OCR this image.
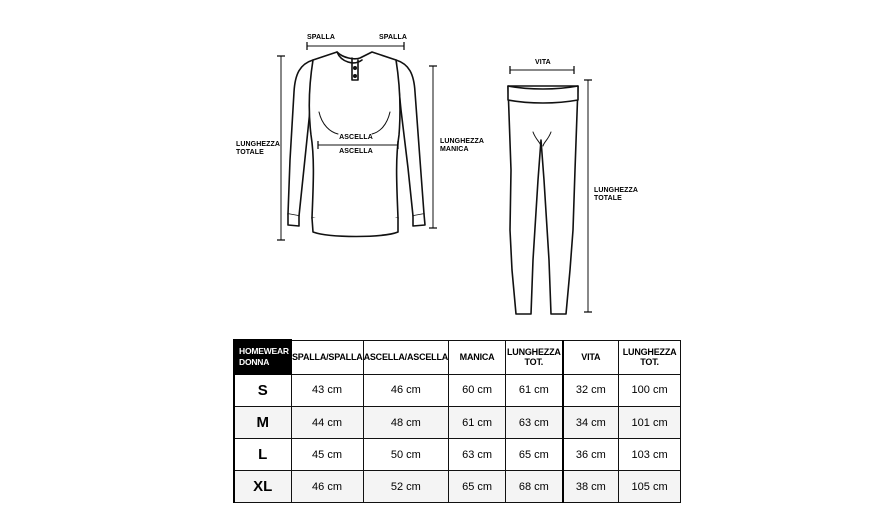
SPALLA	SPALLA
ASCELLA
ASCELLA
LUNGHEZZA
TOTALE
LUNGHEZZA
MANICA
VITA
LUNGHEZZA
TOTALE
HOMEWEAR
DONNA	SPALLA/SPALLA	ASCELLA/ASCELLA	MANICA	LUNGHEZZA TOT.	VITA	LUNGHEZZA TOT.
S	43 cm	46 cm	60 cm	61 cm	32 cm	100 cm
M	44 cm	48 cm	61 cm	63 cm	34 cm	101 cm
L	45 cm	50 cm	63 cm	65 cm	36 cm	103 cm
XL	46 cm	52 cm	65 cm	68 cm	38 cm	105 cm
